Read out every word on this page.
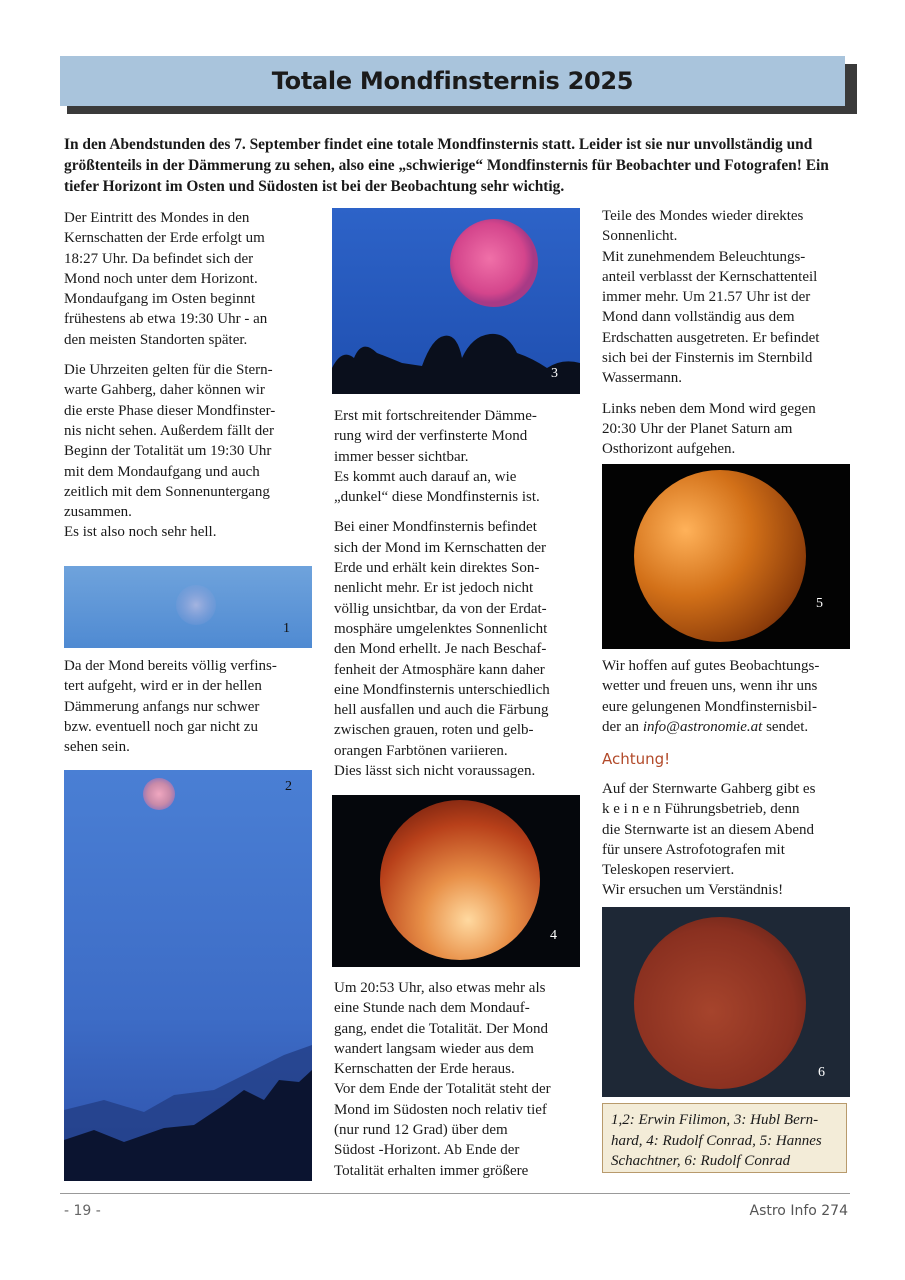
Totale Mondfinsternis 2025
In den Abendstunden des 7. September findet eine totale Mondfinsternis statt. Leider ist sie nur unvollständig und größtenteils in der Dämmerung zu sehen, also eine „schwierige“ Mondfinsternis für Beobachter und Fotografen! Ein tiefer Horizont im Osten und Südosten ist bei der Beobachtung sehr wichtig.

Der Eintritt des Mondes in den
Kernschatten der Erde erfolgt um
18:27 Uhr. Da befindet sich der
Mond noch unter dem Horizont.
Mondaufgang im Osten beginnt
frühestens ab etwa 19:30 Uhr - an
den meisten Standorten später.

Die Uhrzeiten gelten für die Stern-
warte Gahberg, daher können wir
die erste Phase dieser Mondfinster-
nis nicht sehen. Außerdem fällt der
Beginn der Totalität um 19:30 Uhr
mit dem Mondaufgang und auch
zeitlich mit dem Sonnenuntergang
zusammen.
Es ist also noch sehr hell.

1

Da der Mond bereits völlig verfins-
tert aufgeht, wird er in der hellen
Dämmerung anfangs nur schwer
bzw. eventuell noch gar nicht zu
sehen sein.

2
3

Erst mit fortschreitender Dämme-
rung wird der verfinsterte Mond
immer besser sichtbar.
Es kommt auch darauf an, wie
„dunkel“ diese Mondfinsternis ist.

Bei einer Mondfinsternis befindet
sich der Mond im Kernschatten der
Erde und erhält kein direktes Son-
nenlicht mehr. Er ist jedoch nicht
völlig unsichtbar, da von der Erdat-
mosphäre umgelenktes Sonnenlicht
den Mond erhellt. Je nach Beschaf-
fenheit der Atmosphäre kann daher
eine Mondfinsternis unterschiedlich
hell ausfallen und auch die Färbung
zwischen grauen, roten und gelb-
orangen Farbtönen variieren.
Dies lässt sich nicht voraussagen.

4

Um 20:53 Uhr, also etwas mehr als
eine Stunde nach dem Mondauf-
gang, endet die Totalität. Der Mond
wandert langsam wieder aus dem
Kernschatten der Erde heraus.
Vor dem Ende der Totalität steht der
Mond im Südosten noch relativ tief
(nur rund 12 Grad) über dem
Südost -Horizont. Ab Ende der
Totalität erhalten immer größere

Teile des Mondes wieder direktes
Sonnenlicht.
Mit zunehmendem Beleuchtungs-
anteil verblasst der Kernschattenteil
immer mehr. Um 21.57 Uhr ist der
Mond dann vollständig aus dem
Erdschatten ausgetreten. Er befindet
sich bei der Finsternis im Sternbild
Wassermann.

Links neben dem Mond wird gegen
20:30 Uhr der Planet Saturn am
Osthorizont aufgehen.

5

Wir hoffen auf gutes Beobachtungs-
wetter und freuen uns, wenn ihr uns
eure gelungenen Mondfinsternisbil-
der an info@astronomie.at sendet.

Achtung!

Auf der Sternwarte Gahberg gibt es
k e i n e n Führungsbetrieb, denn
die Sternwarte ist an diesem Abend
für unsere Astrofotografen mit
Teleskopen reserviert.
Wir ersuchen um Verständnis!

6
1,2: Erwin Filimon, 3: Hubl Bern-
hard, 4: Rudolf Conrad, 5: Hannes
Schachtner, 6: Rudolf Conrad
- 19 -	Astro Info 274
